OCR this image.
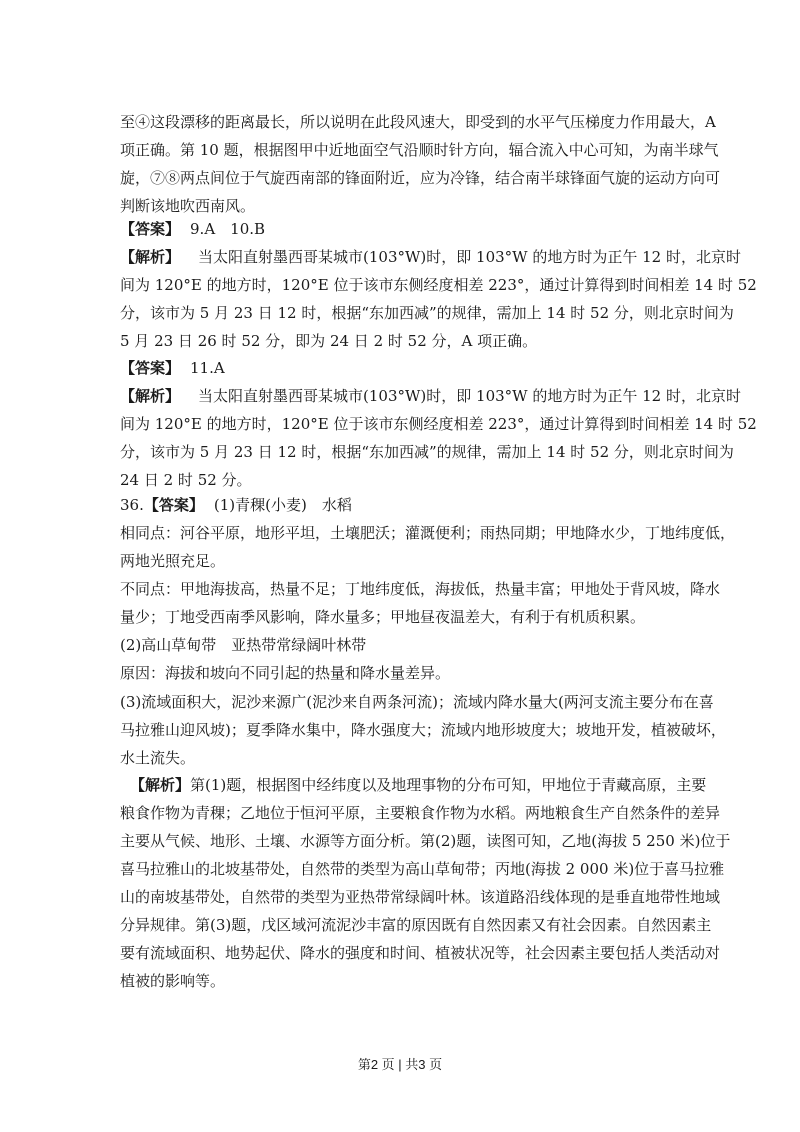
至④这段漂移的距离最长，所以说明在此段风速大，即受到的水平气压梯度力作用最大，A
项正确。第 10 题，根据图甲中近地面空气沿顺时针方向，辐合流入中心可知，为南半球气
旋，⑦⑧两点间位于气旋西南部的锋面附近，应为冷锋，结合南半球锋面气旋的运动方向可
判断该地吹西南风。
【答案】 9.A　10.B
【解析】 当太阳直射墨西哥某城市(103°W)时，即 103°W 的地方时为正午 12 时，北京时
间为 120°E 的地方时，120°E 位于该市东侧经度相差 223°，通过计算得到时间相差 14 时 52
分，该市为 5 月 23 日 12 时，根据“东加西减”的规律，需加上 14 时 52 分，则北京时间为
5 月 23 日 26 时 52 分，即为 24 日 2 时 52 分，A 项正确。
【答案】 11.A
【解析】 当太阳直射墨西哥某城市(103°W)时，即 103°W 的地方时为正午 12 时，北京时
间为 120°E 的地方时，120°E 位于该市东侧经度相差 223°，通过计算得到时间相差 14 时 52
分，该市为 5 月 23 日 12 时，根据“东加西减”的规律，需加上 14 时 52 分，则北京时间为
24 日 2 时 52 分。
36.【答案】 (1)青稞(小麦)　水稻
相同点：河谷平原，地形平坦，土壤肥沃；灌溉便利；雨热同期；甲地降水少，丁地纬度低，
两地光照充足。
不同点：甲地海拔高，热量不足；丁地纬度低，海拔低，热量丰富；甲地处于背风坡，降水
量少；丁地受西南季风影响，降水量多；甲地昼夜温差大，有利于有机质积累。
(2)高山草甸带　亚热带常绿阔叶林带
原因：海拔和坡向不同引起的热量和降水量差异。
(3)流域面积大，泥沙来源广(泥沙来自两条河流)；流域内降水量大(两河支流主要分布在喜
马拉雅山迎风坡)；夏季降水集中，降水强度大；流域内地形坡度大；坡地开发，植被破坏，
水土流失。
【解析】第(1)题，根据图中经纬度以及地理事物的分布可知，甲地位于青藏高原，主要
粮食作物为青稞；乙地位于恒河平原，主要粮食作物为水稻。两地粮食生产自然条件的差异
主要从气候、地形、土壤、水源等方面分析。第(2)题，读图可知，乙地(海拔 5 250 米)位于
喜马拉雅山的北坡基带处，自然带的类型为高山草甸带；丙地(海拔 2 000 米)位于喜马拉雅
山的南坡基带处，自然带的类型为亚热带常绿阔叶林。该道路沿线体现的是垂直地带性地域
分异规律。第(3)题，戊区域河流泥沙丰富的原因既有自然因素又有社会因素。自然因素主
要有流域面积、地势起伏、降水的强度和时间、植被状况等，社会因素主要包括人类活动对
植被的影响等。
第2 页 | 共3 页
